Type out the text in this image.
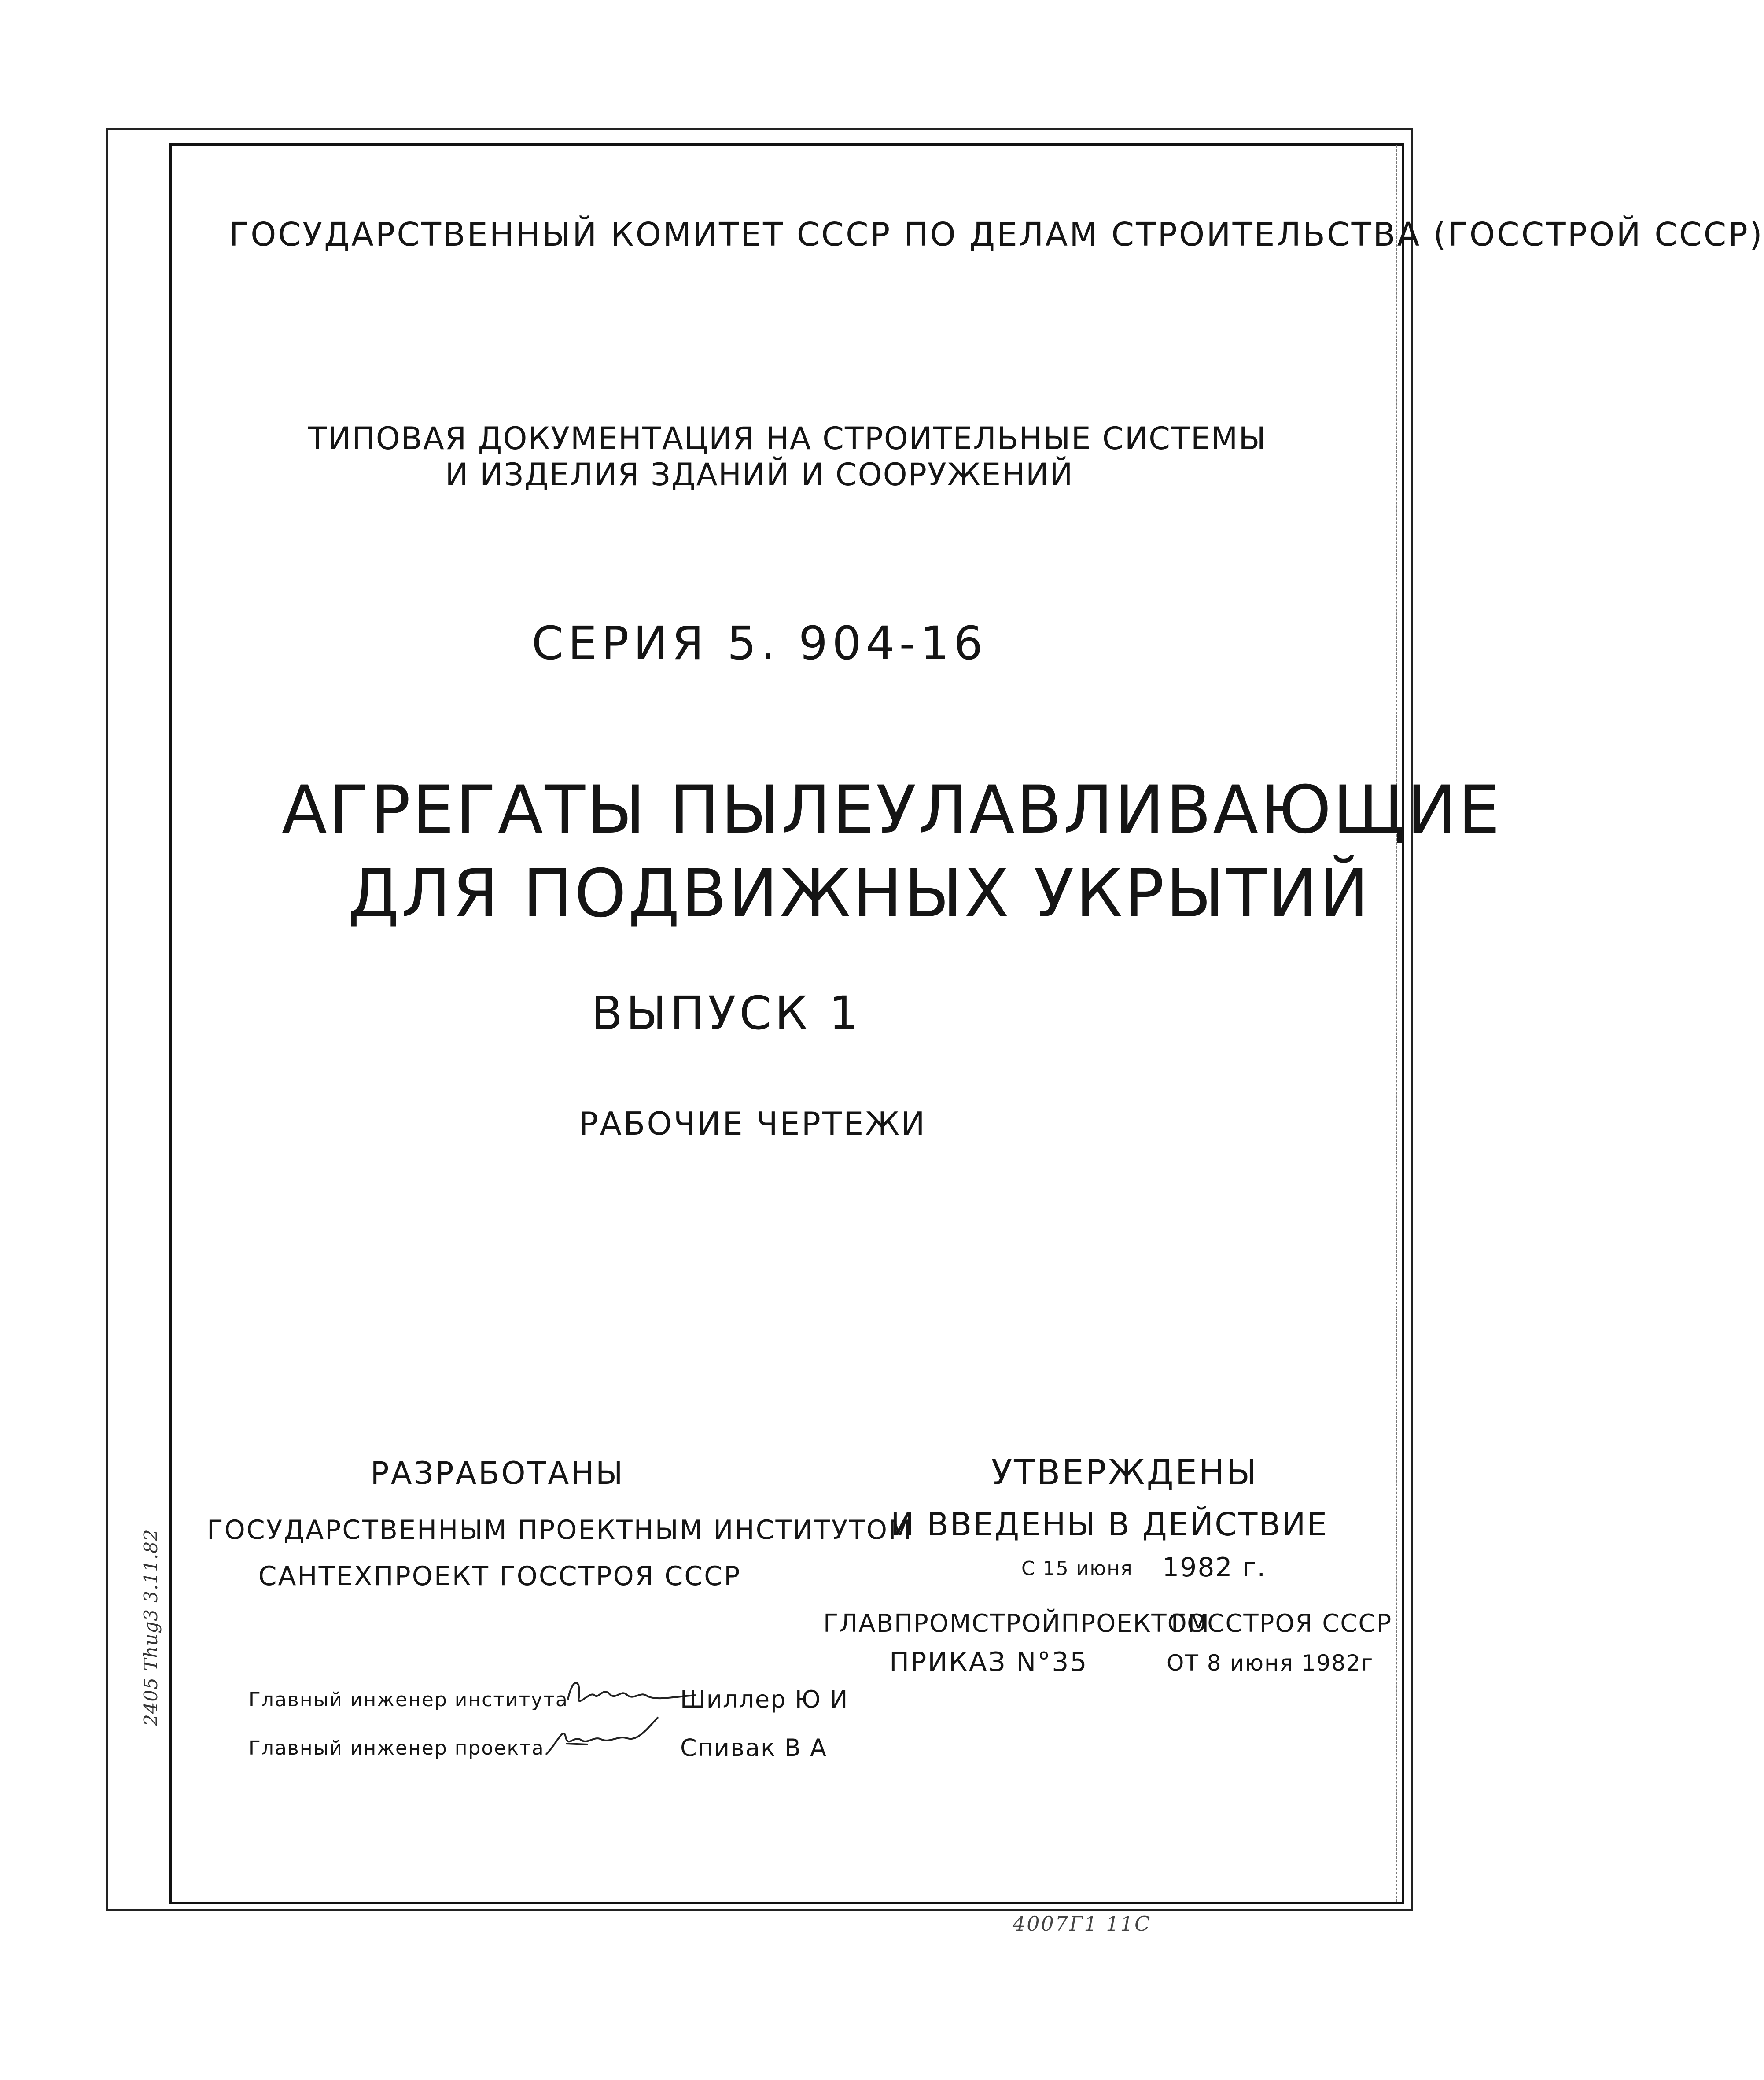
ГОСУДАРСТВЕННЫЙ КОМИТЕТ СССР ПО ДЕЛАМ СТРОИТЕЛЬСТВА (ГОССТРОЙ СССР)
ТИПОВАЯ ДОКУМЕНТАЦИЯ НА СТРОИТЕЛЬНЫЕ СИСТЕМЫ
И ИЗДЕЛИЯ ЗДАНИЙ И СООРУЖЕНИЙ
СЕРИЯ 5. 904-16
АГРЕГАТЫ ПЫЛЕУЛАВЛИВАЮЩИЕ
ДЛЯ ПОДВИЖНЫХ УКРЫТИЙ
ВЫПУСК 1
РАБОЧИЕ ЧЕРТЕЖИ
РАЗРАБОТАНЫ
ГОСУДАРСТВЕННЫМ ПРОЕКТНЫМ ИНСТИТУТОМ
САНТЕХПРОЕКТ ГОССТРОЯ СССР
УТВЕРЖДЕНЫ
И ВВЕДЕНЫ В ДЕЙСТВИЕ
С 15 июня 1982 г.
ГЛАВПРОМСТРОЙПРОЕКТОМ
ГОССТРОЯ СССР
ПРИКАЗ N°35	ОТ 8 июня 1982г
Главный инженер института	Шиллер Ю И
Главный инженер проекта	Спивак В А
2405 Thug3 3.11.82
4007Г1 11С
